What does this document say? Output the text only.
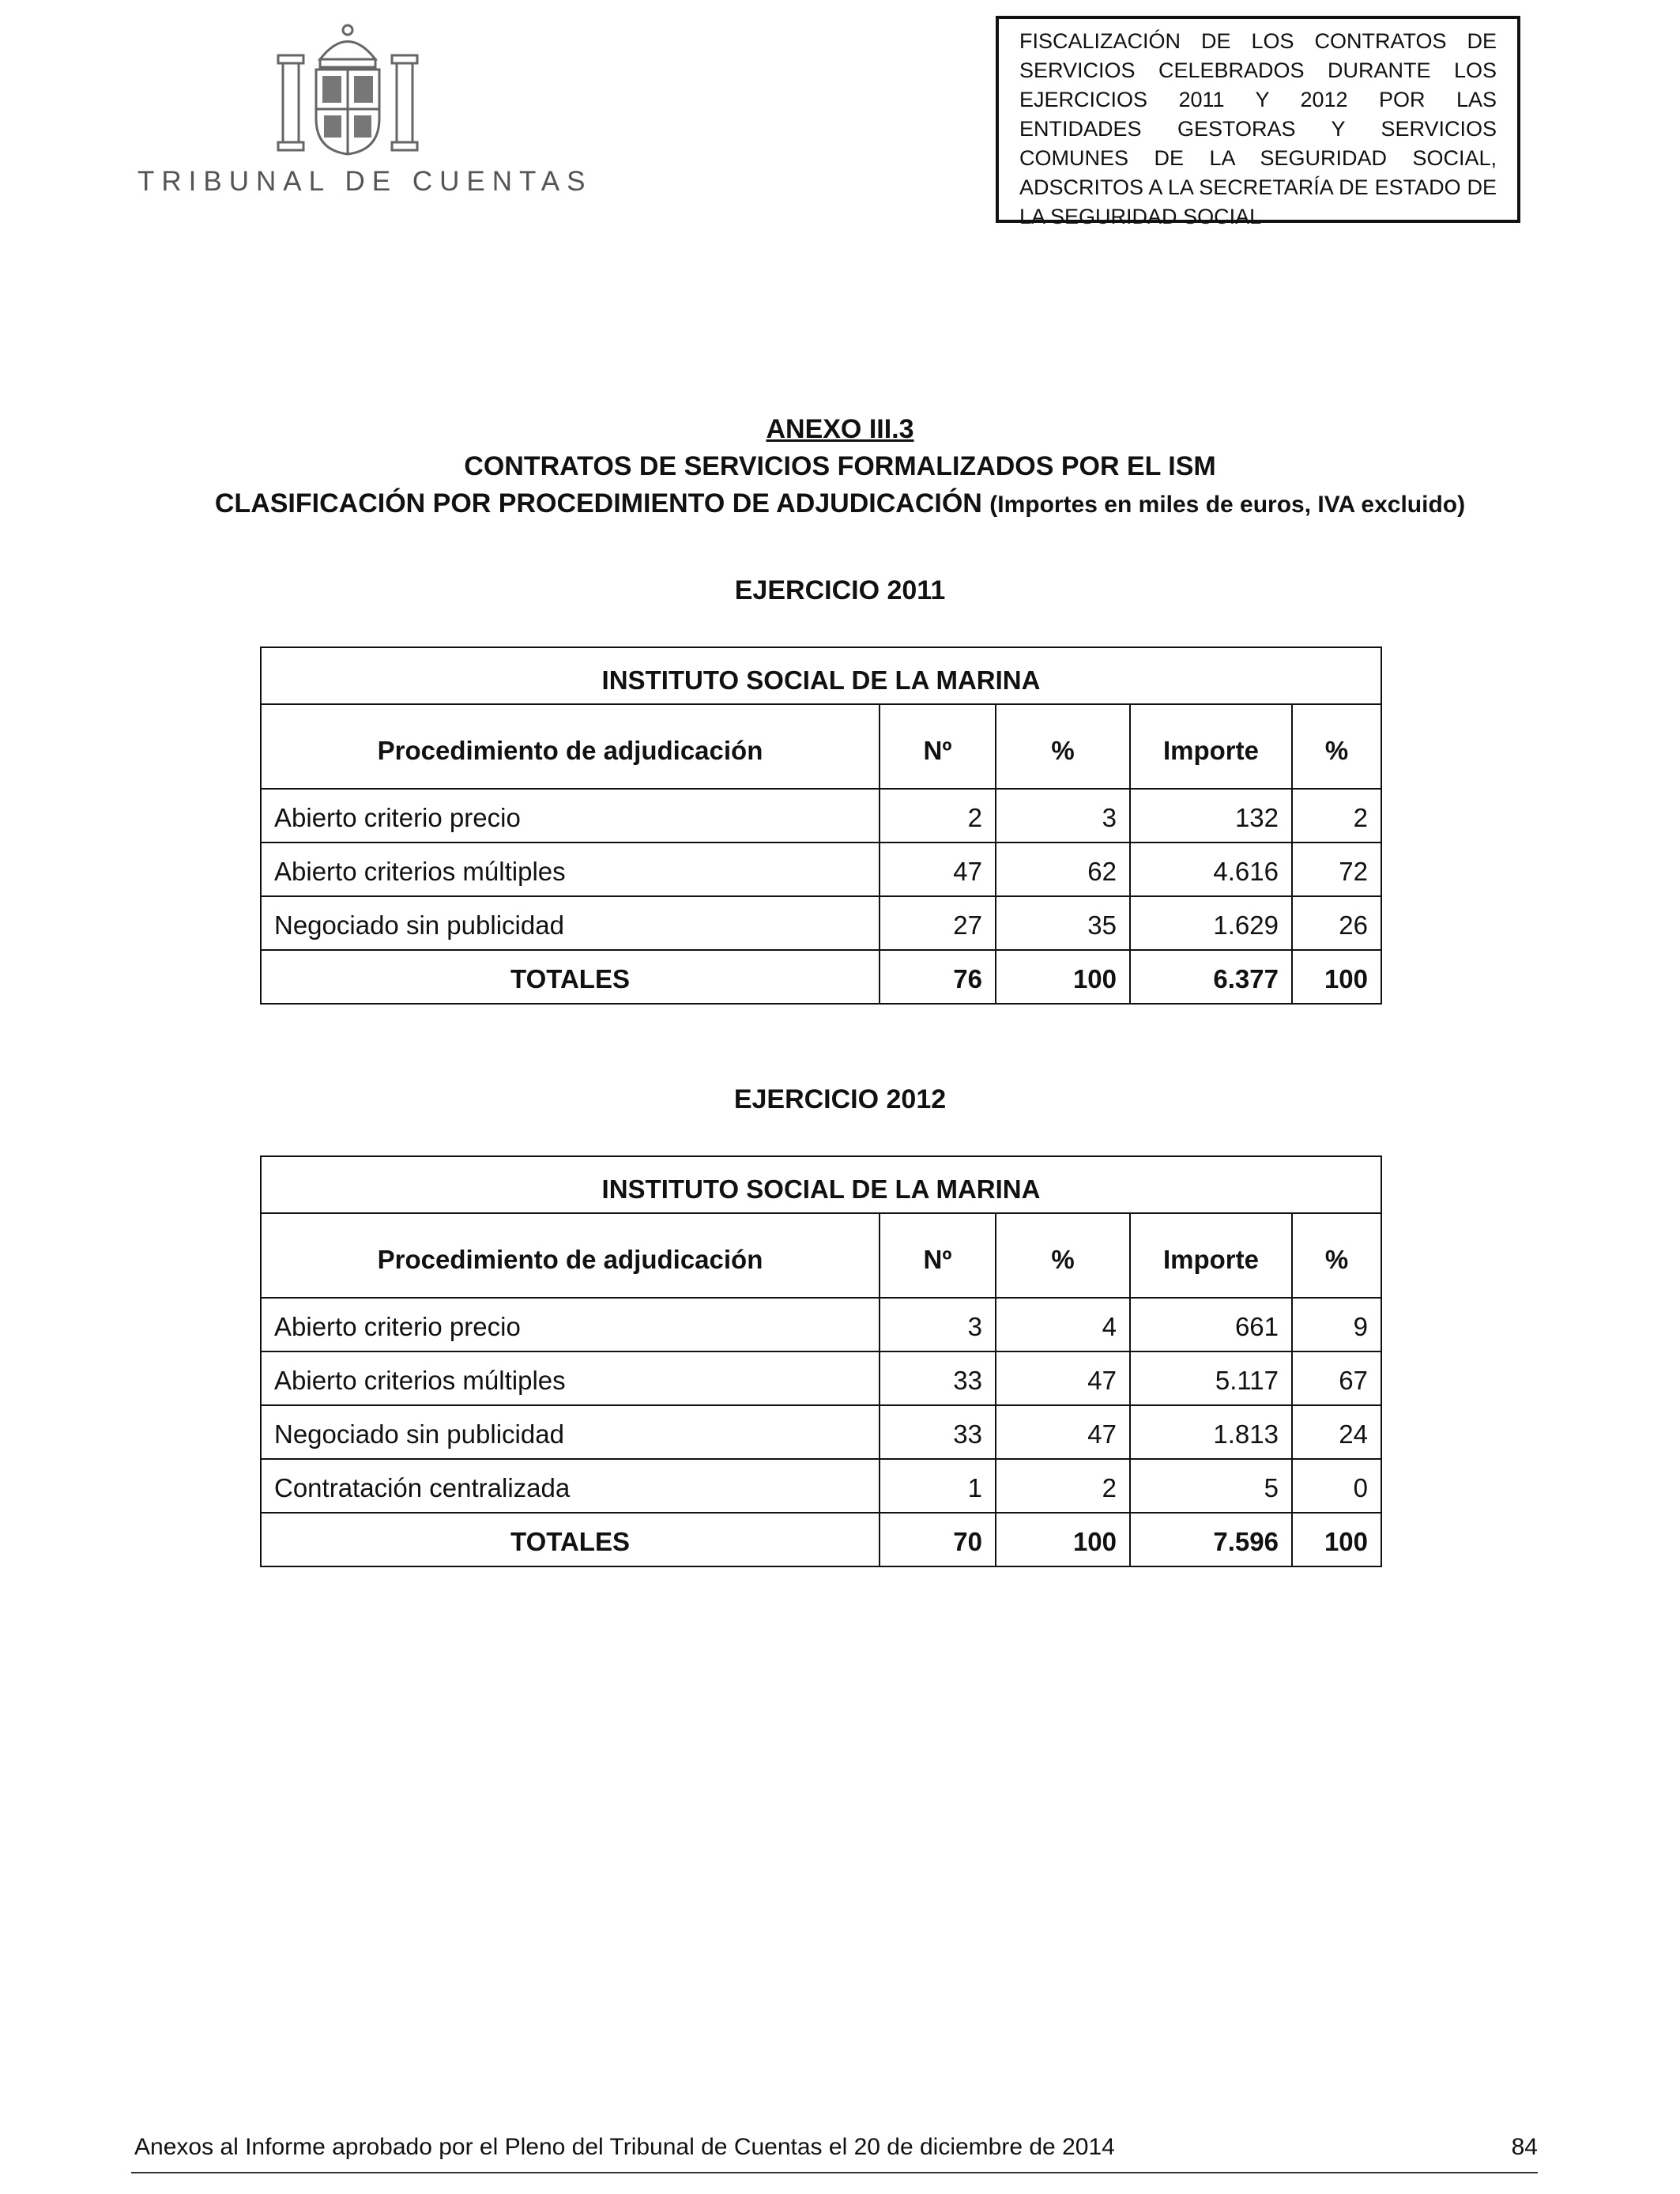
TRIBUNAL DE CUENTAS
FISCALIZACIÓN DE LOS CONTRATOS DE SERVICIOS CELEBRADOS DURANTE LOS EJERCICIOS 2011 Y 2012 POR LAS ENTIDADES GESTORAS Y SERVICIOS COMUNES DE LA SEGURIDAD SOCIAL, ADSCRITOS A LA SECRETARÍA DE ESTADO DE LA SEGURIDAD SOCIAL
ANEXO III.3
CONTRATOS DE SERVICIOS FORMALIZADOS POR EL ISM
CLASIFICACIÓN POR PROCEDIMIENTO DE ADJUDICACIÓN (Importes en miles de euros, IVA excluido)
EJERCICIO 2011
INSTITUTO SOCIAL DE LA MARINA				
Procedimiento de adjudicación	Nº	%	Importe	%
Abierto criterio precio	2	3	132	2
Abierto criterios múltiples	47	62	4.616	72
Negociado sin publicidad	27	35	1.629	26
TOTALES	76	100	6.377	100
EJERCICIO 2012
INSTITUTO SOCIAL DE LA MARINA				
Procedimiento de adjudicación	Nº	%	Importe	%
Abierto criterio precio	3	4	661	9
Abierto criterios múltiples	33	47	5.117	67
Negociado sin publicidad	33	47	1.813	24
Contratación centralizada	1	2	5	0
TOTALES	70	100	7.596	100
Anexos al Informe aprobado por el Pleno del Tribunal de Cuentas el 20 de diciembre de 2014	84
